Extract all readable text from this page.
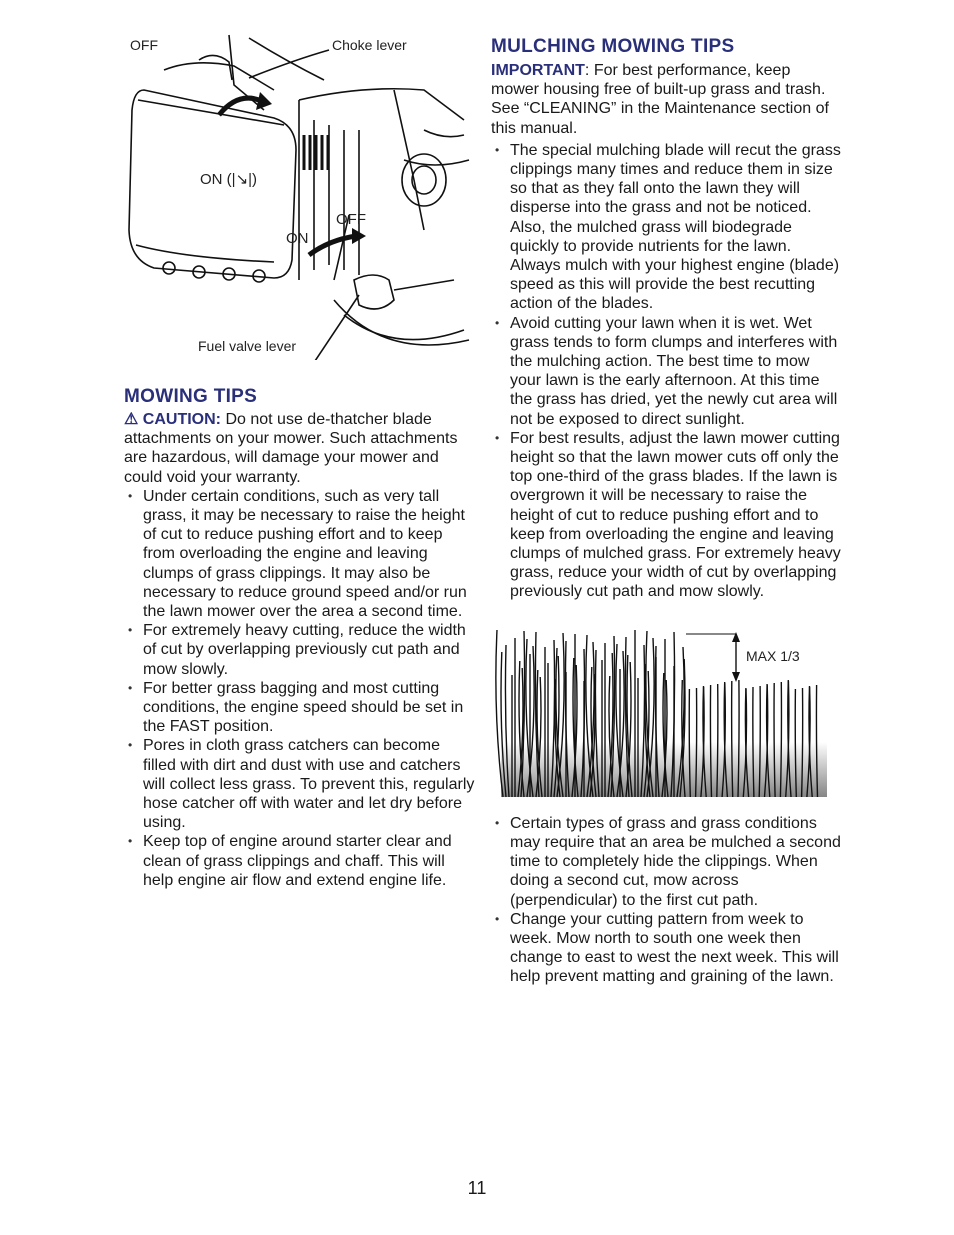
OFF	Choke lever
ON (|↘|)
OFF
ON
Fuel valve lever
MOWING TIPS

⚠ CAUTION: Do not use de-thatcher blade attachments on your mower. Such attachments are hazardous, will damage your mower and could void your warranty.

• Under certain conditions, such as very tall grass, it may be necessary to raise the height of cut to reduce pushing effort and to keep from overloading the engine and leaving clumps of grass clippings. It may also be necessary to reduce ground speed and/or run the lawn mower over the area a second time.
• For extremely heavy cutting, reduce the width of cut by overlapping previously cut path and mow slowly.
• For better grass bagging and most cutting conditions, the engine speed should be set in the FAST position.
• Pores in cloth grass catchers can become filled with dirt and dust with use and catchers will collect less grass. To prevent this, regularly hose catcher off with water and let dry before using.
• Keep top of engine around starter clear and clean of grass clippings and chaff. This will help engine air flow and extend engine life.
MULCHING MOWING TIPS

IMPORTANT: For best performance, keep mower housing free of built-up grass and trash. See “CLEANING” in the Maintenance section of this manual.

• The special mulching blade will recut the grass clippings many times and reduce them in size so that as they fall onto the lawn they will disperse into the grass and not be noticed. Also, the mulched grass will biodegrade quickly to provide nutrients for the lawn. Always mulch with your highest engine (blade) speed as this will provide the best recutting action of the blades.
• Avoid cutting your lawn when it is wet. Wet grass tends to form clumps and interferes with the mulching action. The best time to mow your lawn is the early afternoon. At this time the grass has dried, yet the newly cut area will not be exposed to direct sunlight.
• For best results, adjust the lawn mower cutting height so that the lawn mower cuts off only the top one-third of the grass blades. If the lawn is overgrown it will be necessary to raise the height of cut to reduce pushing effort and to keep from overloading the engine and leaving clumps of mulched grass. For extremely heavy grass, reduce your width of cut by overlapping previously cut path and mow slowly.
MAX 1/3
• Certain types of grass and grass conditions may require that an area be mulched a second time to completely hide the clippings. When doing a second cut, mow across (perpendicular) to the first cut path.
• Change your cutting pattern from week to week. Mow north to south one week then change to east to west the next week. This will help prevent matting and graining of the lawn.
11
